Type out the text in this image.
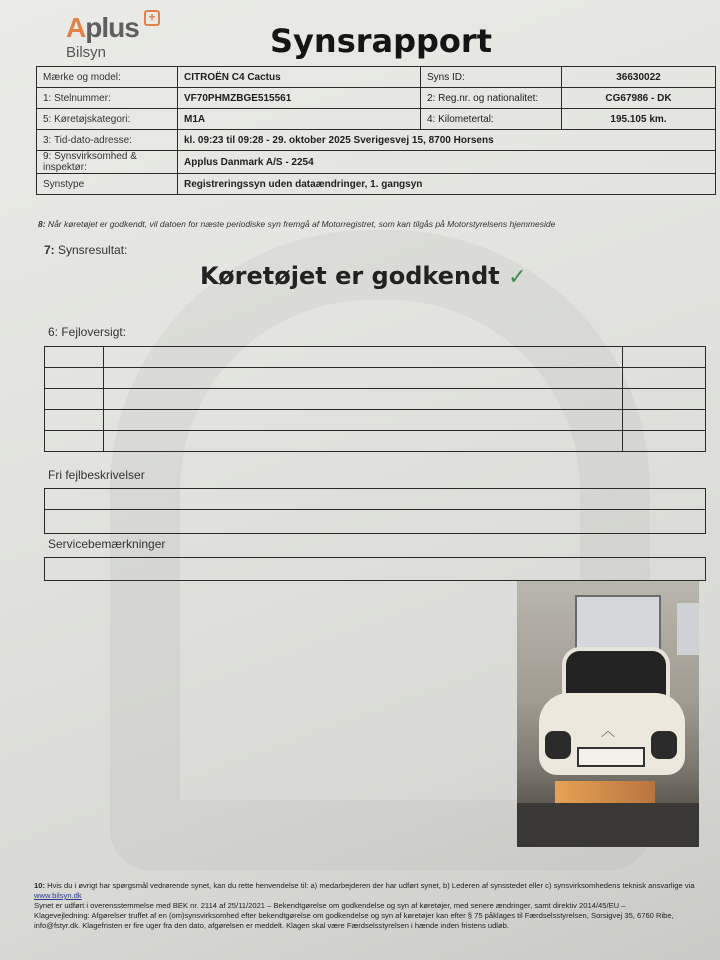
Aplus +
Bilsyn	Synsrapport
Mærke og model:	CITROËN C4 Cactus	Syns ID:	36630022
1: Stelnummer:	VF70PHMZBGE515561	2: Reg.nr. og nationalitet:	CG67986 - DK
5: Køretøjskategori:	M1A	4: Kilometertal:	195.105 km.
3: Tid-dato-adresse:	kl. 09:23 til 09:28 - 29. oktober 2025 Sverigesvej 15, 8700 Horsens		
9: Synsvirksomhed & inspektør:	Applus Danmark A/S - 2254		
Synstype	Registreringssyn uden dataændringer, 1. gangsyn		
8: Når køretøjet er godkendt, vil datoen for næste periodiske syn fremgå af Motorregistret, som kan tilgås på Motorstyrelsens hjemmeside
7: Synsresultat:
Køretøjet er godkendt ✓
6: Fejloversigt:

Fri fejlbeskrivelser
Servicebemærkninger
︿
10: Hvis du i øvrigt har spørgsmål vedrørende synet, kan du rette henvendelse til: a) medarbejderen der har udført synet, b) Lederen af synsstedet eller c) synsvirksomhedens teknisk ansvarlige via www.bilsyn.dk
Synet er udført i overensstemmelse med BEK nr. 2114 af 25/11/2021 – Bekendtgørelse om godkendelse og syn af køretøjer, med senere ændringer, samt direktiv 2014/45/EU –
Klagevejledning: Afgørelser truffet af en (om)synsvirksomhed efter bekendtgørelse om godkendelse og syn af køretøjer kan efter § 75 påklages til Færdselsstyrelsen, Sorsigvej 35, 6760 Ribe, info@fstyr.dk. Klagefristen er fire uger fra den dato, afgørelsen er meddelt. Klagen skal være Færdselsstyrelsen i hænde inden fristens udløb.
